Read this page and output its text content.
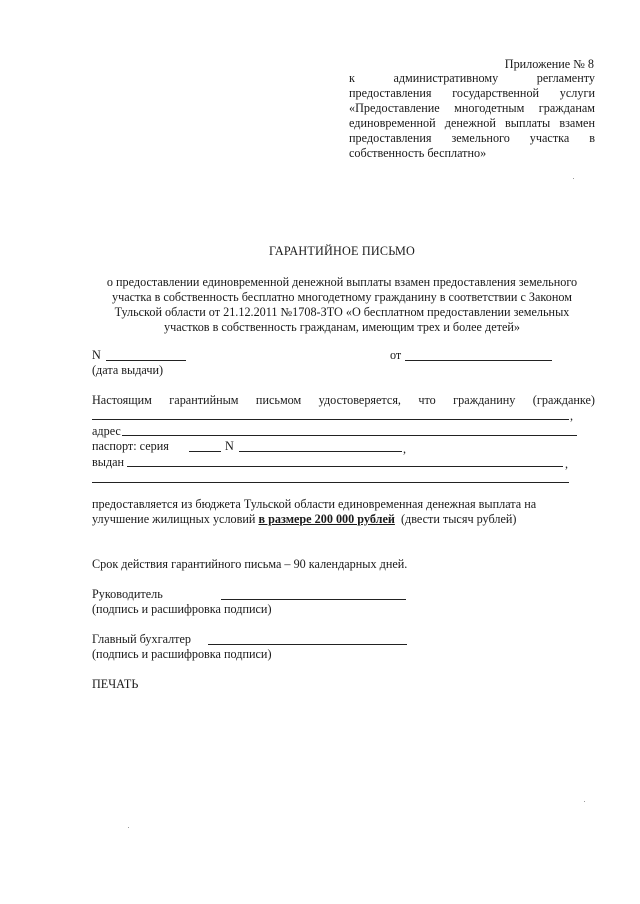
Приложение № 8
к административному регламенту
предоставления государственной услуги
«Предоставление многодетным гражданам
единовременной денежной выплаты взамен
предоставления земельного участка в
собственность бесплатно»
ГАРАНТИЙНОЕ ПИСЬМО
о предоставлении единовременной денежной выплаты взамен предоставления земельного
участка в собственность бесплатно многодетному гражданину в соответствии с Законом
Тульской области от 21.12.2011 №1708-ЗТО «О бесплатном предоставлении земельных
участков в собственность гражданам, имеющим трех и более детей»
N	от
(дата выдачи)
Настоящим гарантийным письмом удостоверяется, что гражданину (гражданке)
,
адрес
паспорт: серия	N	,
выдан	,
предоставляется из бюджета Тульской области единовременная денежная выплата на
улучшение жилищных условий в размере 200 000 рублей (двести тысяч рублей)
Срок действия гарантийного письма – 90 календарных дней.
Руководитель
(подпись и расшифровка подписи)
Главный бухгалтер
(подпись и расшифровка подписи)
ПЕЧАТЬ
